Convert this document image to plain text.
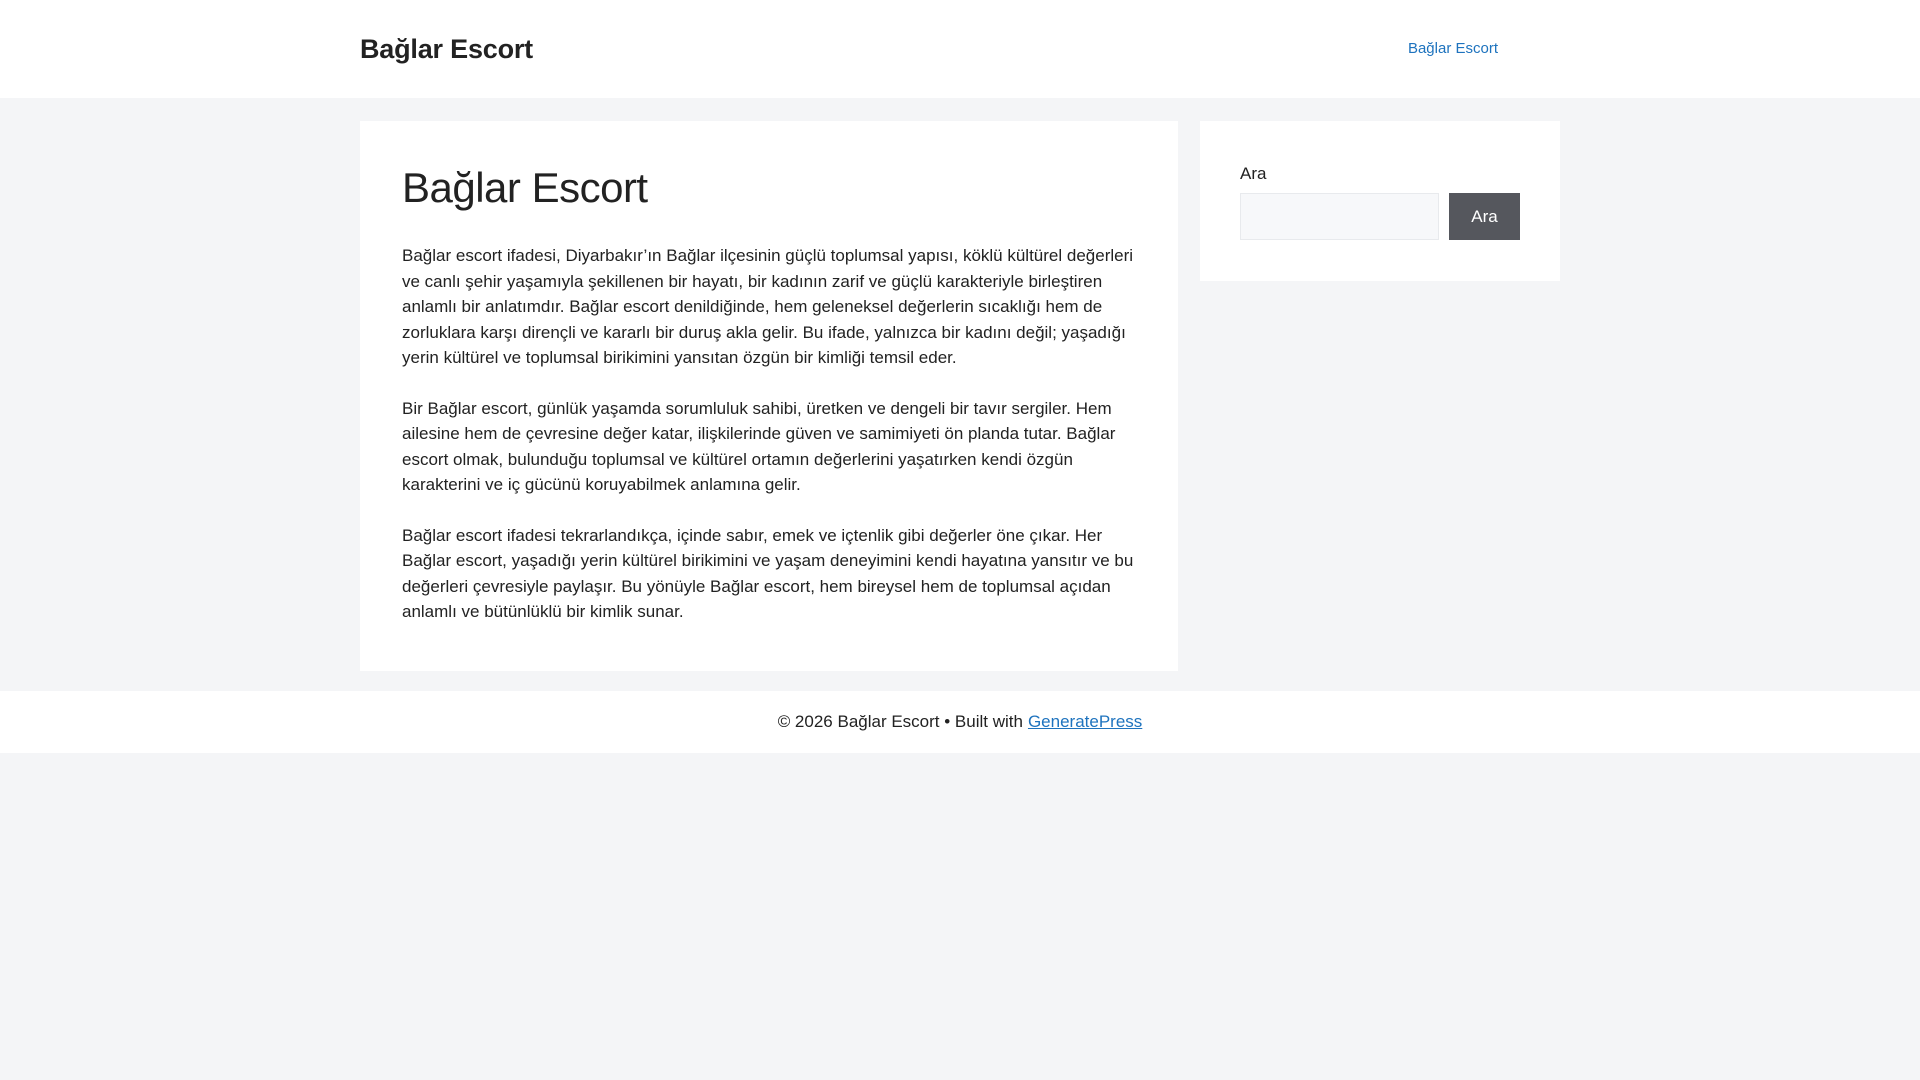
Bağlar Escort	Bağlar Escort
Bağlar Escort

Bağlar escort ifadesi, Diyarbakır’ın Bağlar ilçesinin güçlü toplumsal yapısı, köklü kültürel değerleri ve canlı şehir yaşamıyla şekillenen bir hayatı, bir kadının zarif ve güçlü karakteriyle birleştiren anlamlı bir anlatımdır. Bağlar escort denildiğinde, hem geleneksel değerlerin sıcaklığı hem de zorluklara karşı dirençli ve kararlı bir duruş akla gelir. Bu ifade, yalnızca bir kadını değil; yaşadığı yerin kültürel ve toplumsal birikimini yansıtan özgün bir kimliği temsil eder.

Bir Bağlar escort, günlük yaşamda sorumluluk sahibi, üretken ve dengeli bir tavır sergiler. Hem ailesine hem de çevresine değer katar, ilişkilerinde güven ve samimiyeti ön planda tutar. Bağlar escort olmak, bulunduğu toplumsal ve kültürel ortamın değerlerini yaşatırken kendi özgün karakterini ve iç gücünü koruyabilmek anlamına gelir.

Bağlar escort ifadesi tekrarlandıkça, içinde sabır, emek ve içtenlik gibi değerler öne çıkar. Her Bağlar escort, yaşadığı yerin kültürel birikimini ve yaşam deneyimini kendi hayatına yansıtır ve bu değerleri çevresiyle paylaşır. Bu yönüyle Bağlar escort, hem bireysel hem de toplumsal açıdan anlamlı ve bütünlüklü bir kimlik sunar.

Ara
Ara
© 2026 Bağlar Escort • Built with GeneratePress
